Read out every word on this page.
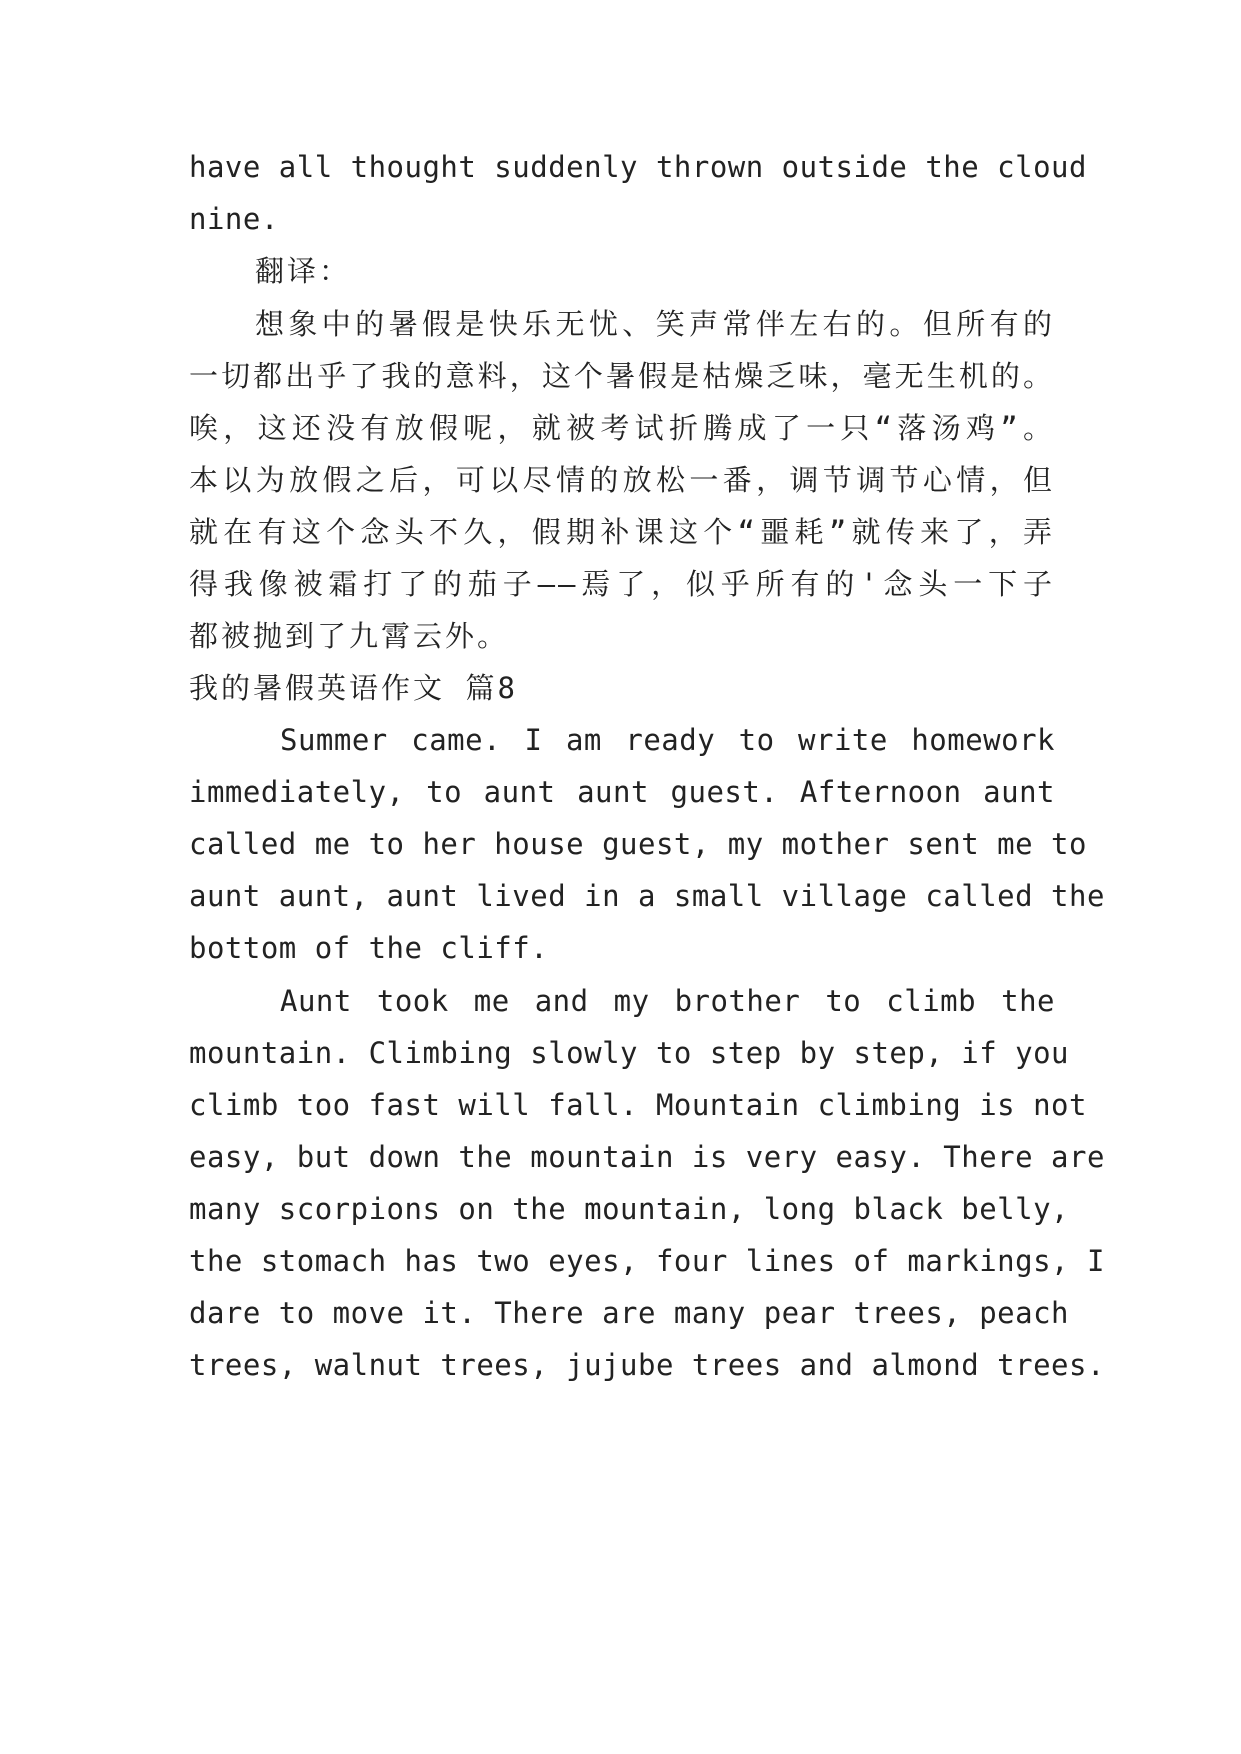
have all thought suddenly thrown outside the cloud
nine.
翻译：
想象中的暑假是快乐无忧、笑声常伴左右的。但所有的
一切都出乎了我的意料，这个暑假是枯燥乏味，毫无生机的。
唉，这还没有放假呢，就被考试折腾成了一只“落汤鸡”。
本以为放假之后，可以尽情的放松一番，调节调节心情，但
就在有这个念头不久，假期补课这个“噩耗”就传来了，弄
得我像被霜打了的茄子——焉了，似乎所有的'念头一下子
都被抛到了九霄云外。
我的暑假英语作文 篇8
Summer came. I am ready to write homework
immediately, to aunt aunt guest. Afternoon aunt
called me to her house guest, my mother sent me to
aunt aunt, aunt lived in a small village called the
bottom of the cliff.
Aunt took me and my brother to climb the
mountain. Climbing slowly to step by step, if you
climb too fast will fall. Mountain climbing is not
easy, but down the mountain is very easy. There are
many scorpions on the mountain, long black belly,
the stomach has two eyes, four lines of markings, I
dare to move it. There are many pear trees, peach
trees, walnut trees, jujube trees and almond trees.
